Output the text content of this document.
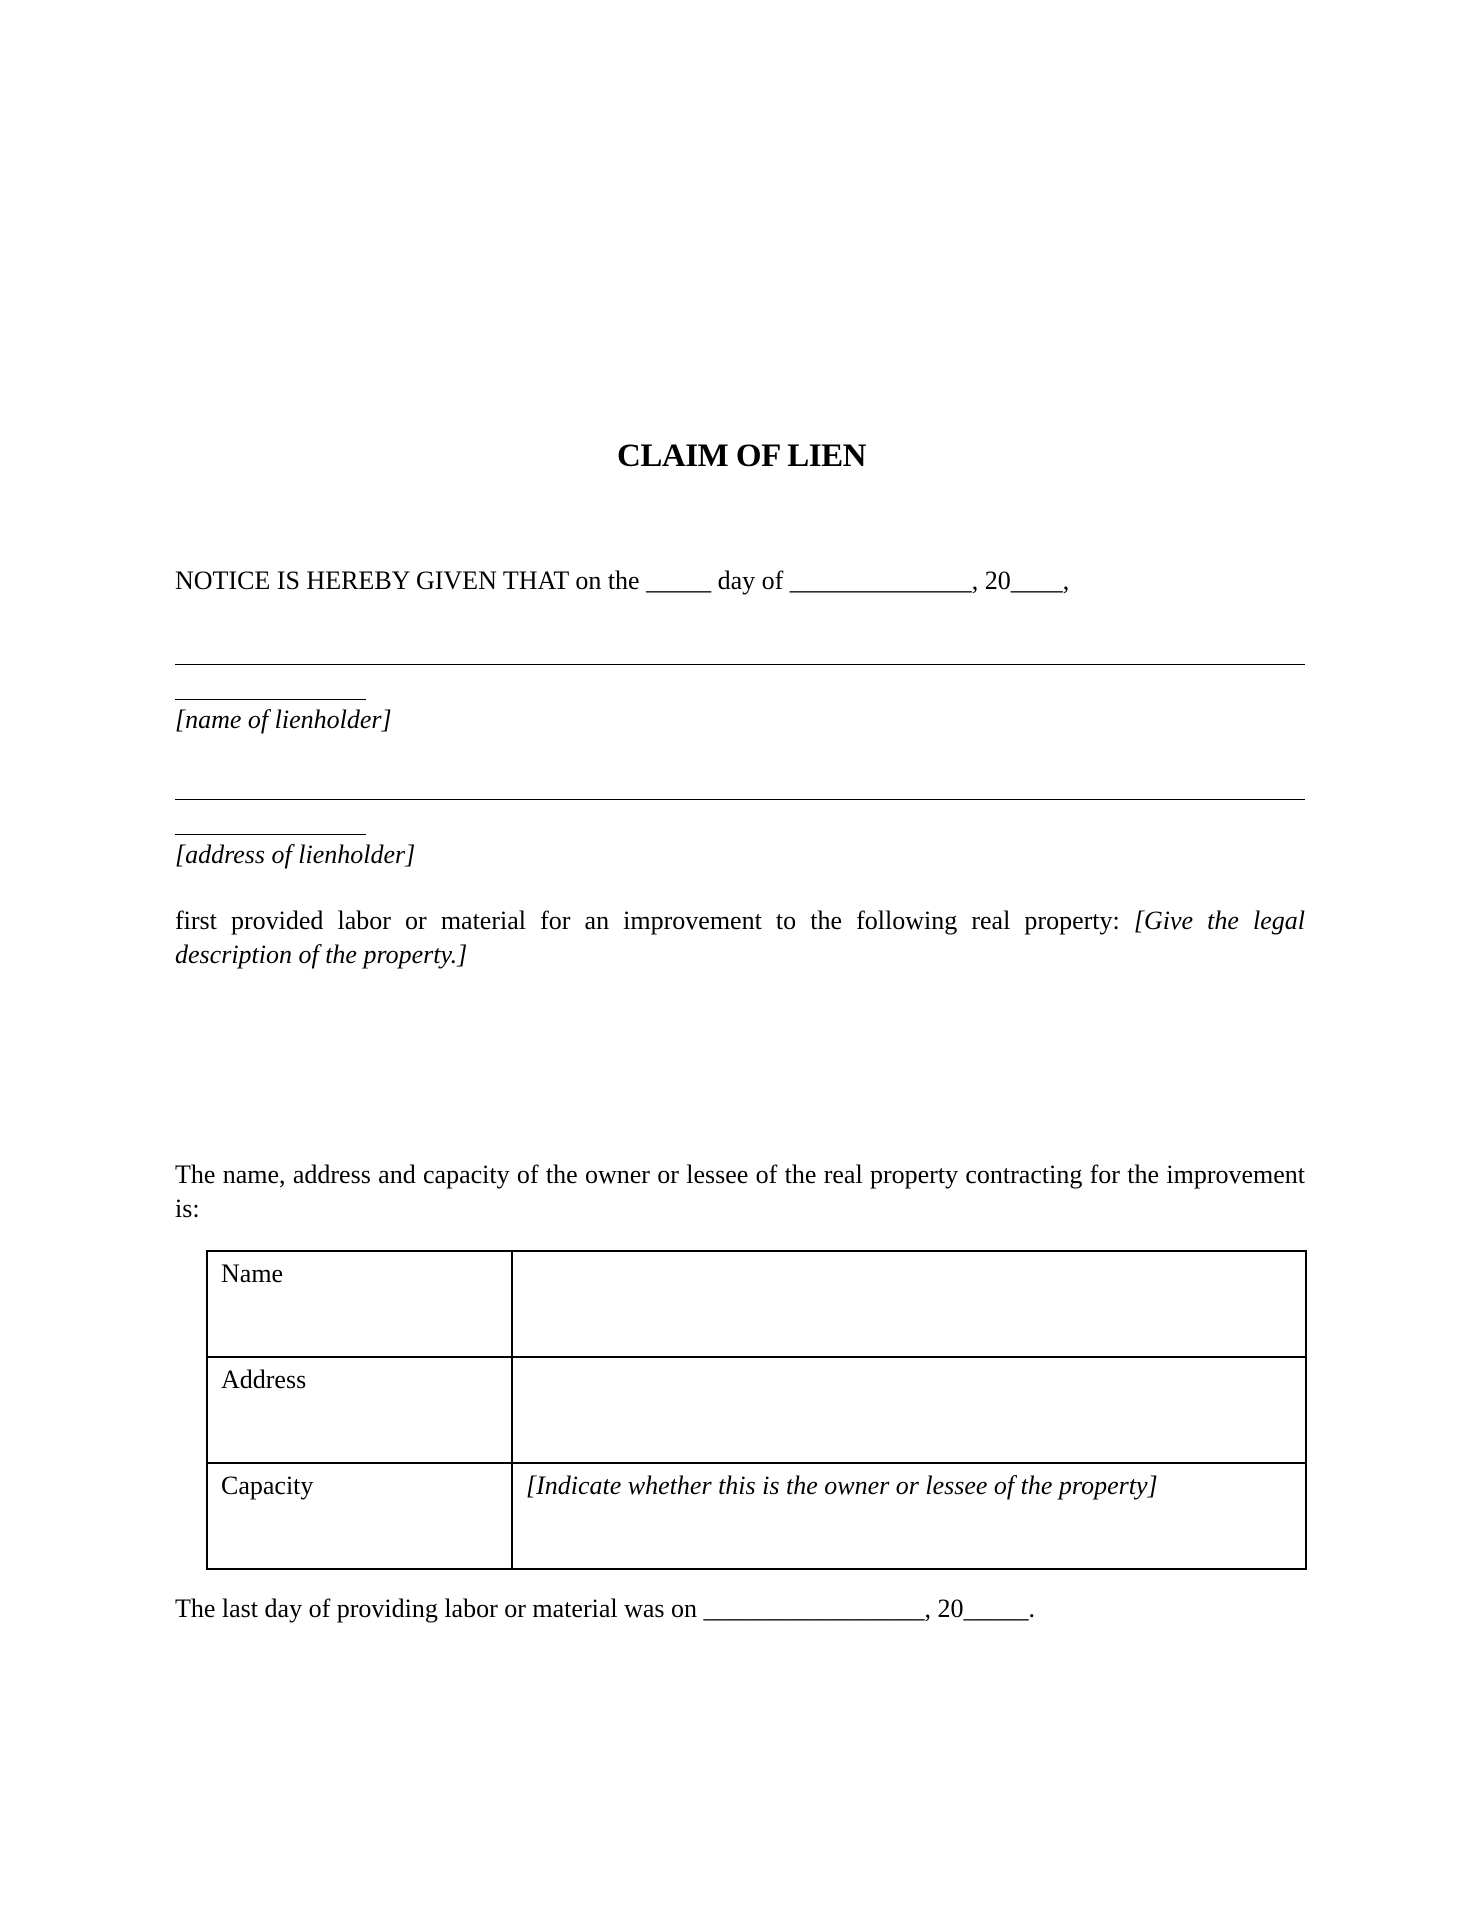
CLAIM OF LIEN
NOTICE IS HEREBY GIVEN THAT on the _____ day of ______________, 20____,
[name of lienholder]
[address of lienholder]
first provided labor or material for an improvement to the following real property: [Give the legal description of the property.]
The name, address and capacity of the owner or lessee of the real property contracting for the improvement is:
Name	
Address	
Capacity	[Indicate whether this is the owner or lessee of the property]
The last day of providing labor or material was on _________________, 20_____.
